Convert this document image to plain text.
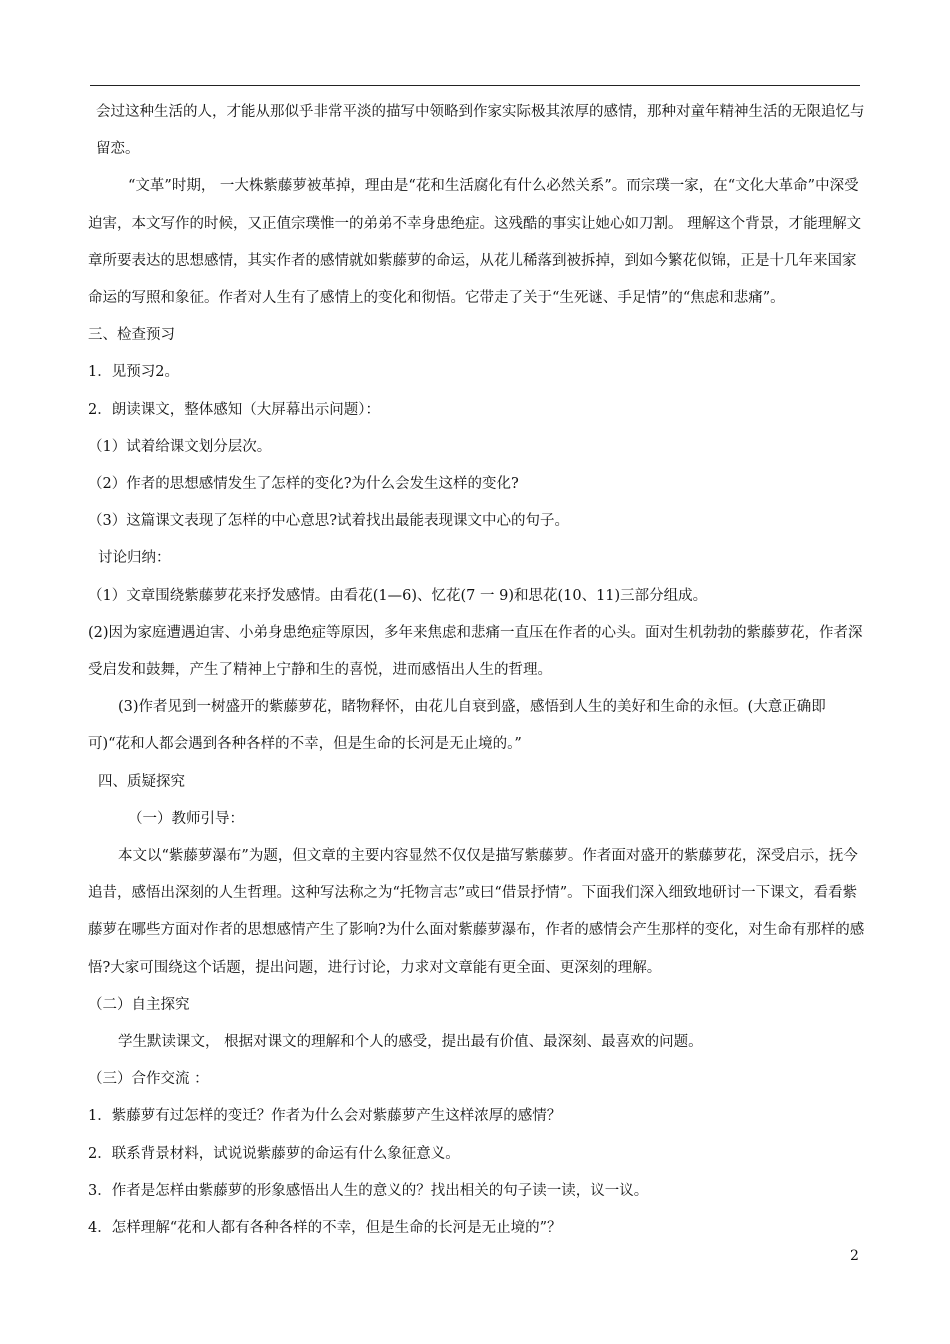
会过这种生活的人，才能从那似乎非常平淡的描写中领略到作家实际极其浓厚的感情，那种对童年精神生活的无限追忆与留恋。

“文革”时期， 一大株紫藤萝被革掉，理由是“花和生活腐化有什么必然关系”。而宗璞一家，在“文化大革命”中深受迫害，本文写作的时候，又正值宗璞惟一的弟弟不幸身患绝症。这残酷的事实让她心如刀割。 理解这个背景，才能理解文章所要表达的思想感情，其实作者的感情就如紫藤萝的命运，从花儿稀落到被拆掉，到如今繁花似锦，正是十几年来国家命运的写照和象征。作者对人生有了感情上的变化和彻悟。它带走了关于“生死谜、手足情”的“焦虑和悲痛”。

三、检查预习

1．见预习2。

2．朗读课文，整体感知（大屏幕出示问题）：

（1）试着给课文划分层次。

（2）作者的思想感情发生了怎样的变化?为什么会发生这样的变化?

（3）这篇课文表现了怎样的中心意思?试着找出最能表现课文中心的句子。

讨论归纳：

（1）文章围绕紫藤萝花来抒发感情。由看花(1—6)、忆花(7 一 9)和思花(10、11)三部分组成。

(2)因为家庭遭遇迫害、小弟身患绝症等原因，多年来焦虑和悲痛一直压在作者的心头。面对生机勃勃的紫藤萝花，作者深受启发和鼓舞，产生了精神上宁静和生的喜悦，进而感悟出人生的哲理。

(3)作者见到一树盛开的紫藤萝花，睹物释怀，由花儿自衰到盛，感悟到人生的美好和生命的永恒。(大意正确即可)“花和人都会遇到各种各样的不幸，但是生命的长河是无止境的。”

四、质疑探究

（一）教师引导：

本文以“紫藤萝瀑布”为题，但文章的主要内容显然不仅仅是描写紫藤萝。作者面对盛开的紫藤萝花，深受启示，抚今追昔，感悟出深刻的人生哲理。这种写法称之为“托物言志”或曰“借景抒情”。下面我们深入细致地研讨一下课文，看看紫藤萝在哪些方面对作者的思想感情产生了影响?为什么面对紫藤萝瀑布，作者的感情会产生那样的变化，对生命有那样的感悟?大家可围绕这个话题，提出问题，进行讨论，力求对文章能有更全面、更深刻的理解。

（二）自主探究

学生默读课文， 根据对课文的理解和个人的感受，提出最有价值、最深刻、最喜欢的问题。

（三）合作交流 ：

1．紫藤萝有过怎样的变迁？作者为什么会对紫藤萝产生这样浓厚的感情？

2．联系背景材料，试说说紫藤萝的命运有什么象征意义。

3．作者是怎样由紫藤萝的形象感悟出人生的意义的？找出相关的句子读一读，议一议。

4．怎样理解“花和人都有各种各样的不幸，但是生命的长河是无止境的”？

2
